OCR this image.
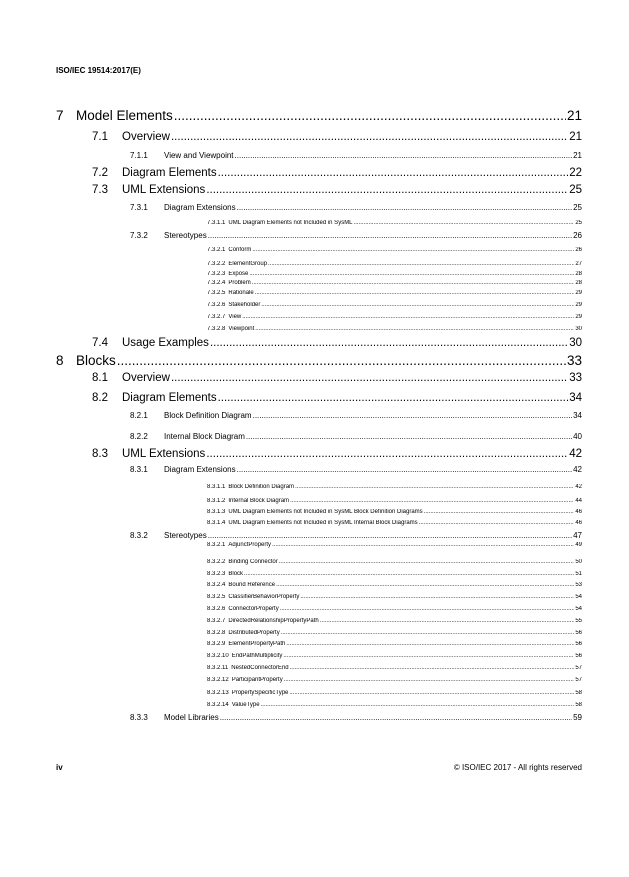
ISO/IEC 19514:2017(E)
7 Model Elements .....	21
7.1	Overview .....	21
7.1.1	View and Viewpoint .....	21
7.2	Diagram Elements .....	22
7.3	UML Extensions .....	25
7.3.1	Diagram Extensions .....	25
7.3.1.1 UML Diagram Elements not Included in SysML .....	25
7.3.2	Stereotypes .....	26
7.3.2.1 Conform .....	26
7.3.2.2 ElementGroup .....	27
7.3.2.3 Expose .....	28
7.3.2.4 Problem .....	28
7.3.2.5 Rationale .....	29
7.3.2.6 Stakeholder .....	29
7.3.2.7 View .....	29
7.3.2.8 Viewpoint .....	30
7.4	Usage Examples .....	30
8 Blocks .....	33
8.1	Overview .....	33
8.2	Diagram Elements .....	34
8.2.1	Block Definition Diagram .....	34
8.2.2	Internal Block Diagram .....	40
8.3	UML Extensions .....	42
8.3.1	Diagram Extensions .....	42
8.3.1.1 Block Definition Diagram .....	42
8.3.1.2 Internal Block Diagram .....	44
8.3.1.3 UML Diagram Elements not Included in SysML Block Definition Diagrams .....	46
8.3.1.4 UML Diagram Elements not Included in SysML Internal Block Diagrams .....	46
8.3.2	Stereotypes .....	47
8.3.2.1 AdjunctProperty .....	49
8.3.2.2 Binding Connector .....	50
8.3.2.3 Block .....	51
8.3.2.4 Bound Reference .....	53
8.3.2.5 ClassifierBehaviorProperty .....	54
8.3.2.6 ConnectorProperty .....	54
8.3.2.7 DirectedRelationshipPropertyPath .....	55
8.3.2.8 DistributedProperty .....	56
8.3.2.9 ElementPropertyPath .....	56
8.3.2.10 EndPathMultiplicity .....	56
8.3.2.11 NestedConnectorEnd .....	57
8.3.2.12 ParticipantProperty .....	57
8.3.2.13 PropertySpecificType .....	58
8.3.2.14 ValueType .....	58
8.3.3	Model Libraries .....	59
iv	© ISO/IEC 2017 - All rights reserved
